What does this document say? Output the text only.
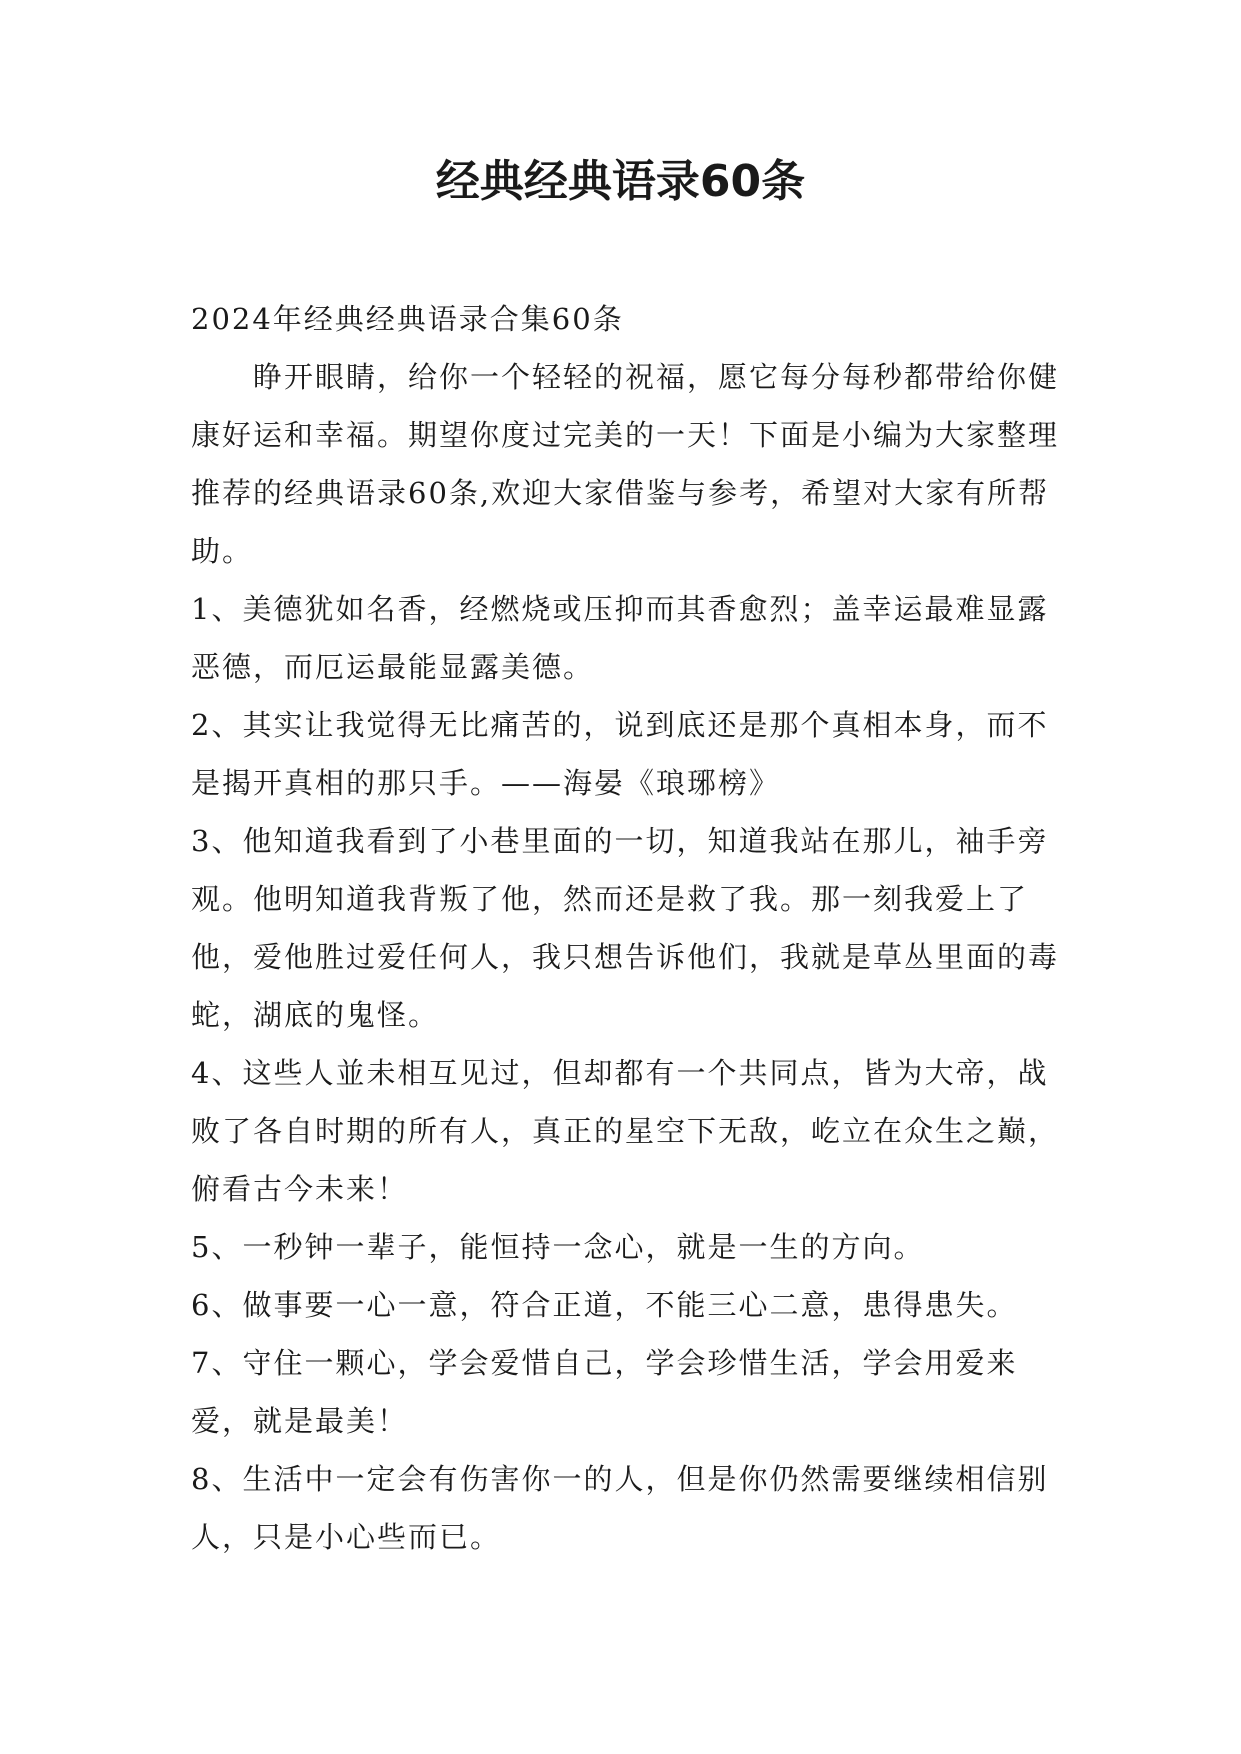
经典经典语录60条

2024年经典经典语录合集60条

睁开眼睛，给你一个轻轻的祝福，愿它每分每秒都带给你健康好运和幸福。期望你度过完美的一天！下面是小编为大家整理推荐的经典语录60条,欢迎大家借鉴与参考，希望对大家有所帮助。

1、美德犹如名香，经燃烧或压抑而其香愈烈；盖幸运最难显露恶德，而厄运最能显露美德。

2、其实让我觉得无比痛苦的，说到底还是那个真相本身，而不是揭开真相的那只手。——海晏《琅琊榜》

3、他知道我看到了小巷里面的一切，知道我站在那儿，袖手旁观。他明知道我背叛了他，然而还是救了我。那一刻我爱上了他，爱他胜过爱任何人，我只想告诉他们，我就是草丛里面的毒蛇，湖底的鬼怪。

4、这些人並未相互见过，但却都有一个共同点，皆为大帝，战败了各自时期的所有人，真正的星空下无敌，屹立在众生之巅，俯看古今未来！

5、一秒钟一辈子，能恒持一念心，就是一生的方向。

6、做事要一心一意，符合正道，不能三心二意，患得患失。

7、守住一颗心，学会爱惜自己，学会珍惜生活，学会用爱来爱，就是最美！

8、生活中一定会有伤害你一的人，但是你仍然需要继续相信别人，只是小心些而已。
